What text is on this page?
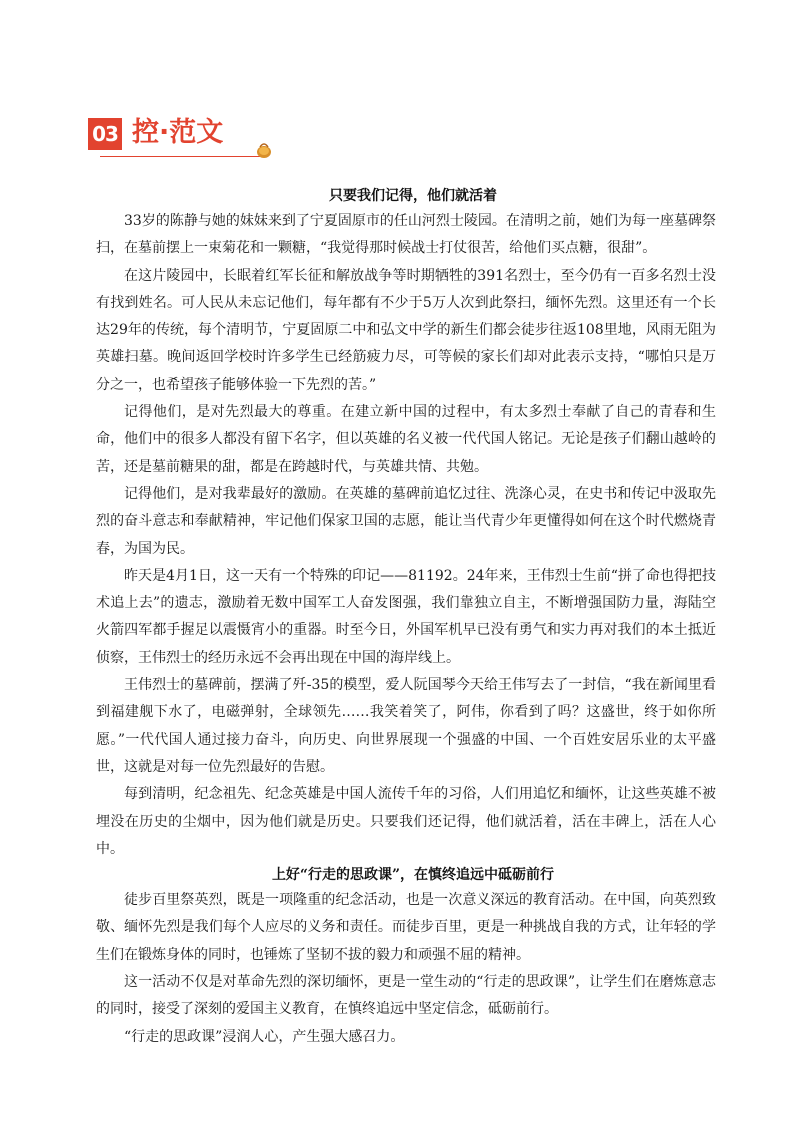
03 控·范文
只要我们记得，他们就活着

33岁的陈静与她的妹妹来到了宁夏固原市的任山河烈士陵园。在清明之前，她们为每一座墓碑祭扫，在墓前摆上一束菊花和一颗糖，“我觉得那时候战士打仗很苦，给他们买点糖，很甜”。

在这片陵园中，长眠着红军长征和解放战争等时期牺牲的391名烈士，至今仍有一百多名烈士没有找到姓名。可人民从未忘记他们，每年都有不少于5万人次到此祭扫，缅怀先烈。这里还有一个长达29年的传统，每个清明节，宁夏固原二中和弘文中学的新生们都会徒步往返108里地，风雨无阻为英雄扫墓。晚间返回学校时许多学生已经筋疲力尽，可等候的家长们却对此表示支持，“哪怕只是万分之一，也希望孩子能够体验一下先烈的苦。”

记得他们，是对先烈最大的尊重。在建立新中国的过程中，有太多烈士奉献了自己的青春和生命，他们中的很多人都没有留下名字，但以英雄的名义被一代代国人铭记。无论是孩子们翻山越岭的苦，还是墓前糖果的甜，都是在跨越时代，与英雄共情、共勉。

记得他们，是对我辈最好的激励。在英雄的墓碑前追忆过往、洗涤心灵，在史书和传记中汲取先烈的奋斗意志和奉献精神，牢记他们保家卫国的志愿，能让当代青少年更懂得如何在这个时代燃烧青春，为国为民。

昨天是4月1日，这一天有一个特殊的印记——81192。24年来，王伟烈士生前“拼了命也得把技术追上去”的遗志，激励着无数中国军工人奋发图强，我们靠独立自主，不断增强国防力量，海陆空火箭四军都手握足以震慑宵小的重器。时至今日，外国军机早已没有勇气和实力再对我们的本土抵近侦察，王伟烈士的经历永远不会再出现在中国的海岸线上。

王伟烈士的墓碑前，摆满了歼-35的模型，爱人阮国琴今天给王伟写去了一封信，“我在新闻里看到福建舰下水了，电磁弹射，全球领先……我笑着笑了，阿伟，你看到了吗？这盛世，终于如你所愿。”一代代国人通过接力奋斗，向历史、向世界展现一个强盛的中国、一个百姓安居乐业的太平盛世，这就是对每一位先烈最好的告慰。

每到清明，纪念祖先、纪念英雄是中国人流传千年的习俗，人们用追忆和缅怀，让这些英雄不被埋没在历史的尘烟中，因为他们就是历史。只要我们还记得，他们就活着，活在丰碑上，活在人心中。

上好“行走的思政课”，在慎终追远中砥砺前行

徒步百里祭英烈，既是一项隆重的纪念活动，也是一次意义深远的教育活动。在中国，向英烈致敬、缅怀先烈是我们每个人应尽的义务和责任。而徒步百里，更是一种挑战自我的方式，让年轻的学生们在锻炼身体的同时，也锤炼了坚韧不拔的毅力和顽强不屈的精神。

这一活动不仅是对革命先烈的深切缅怀，更是一堂生动的“行走的思政课”，让学生们在磨炼意志的同时，接受了深刻的爱国主义教育，在慎终追远中坚定信念，砥砺前行。

“行走的思政课”浸润人心，产生强大感召力。
